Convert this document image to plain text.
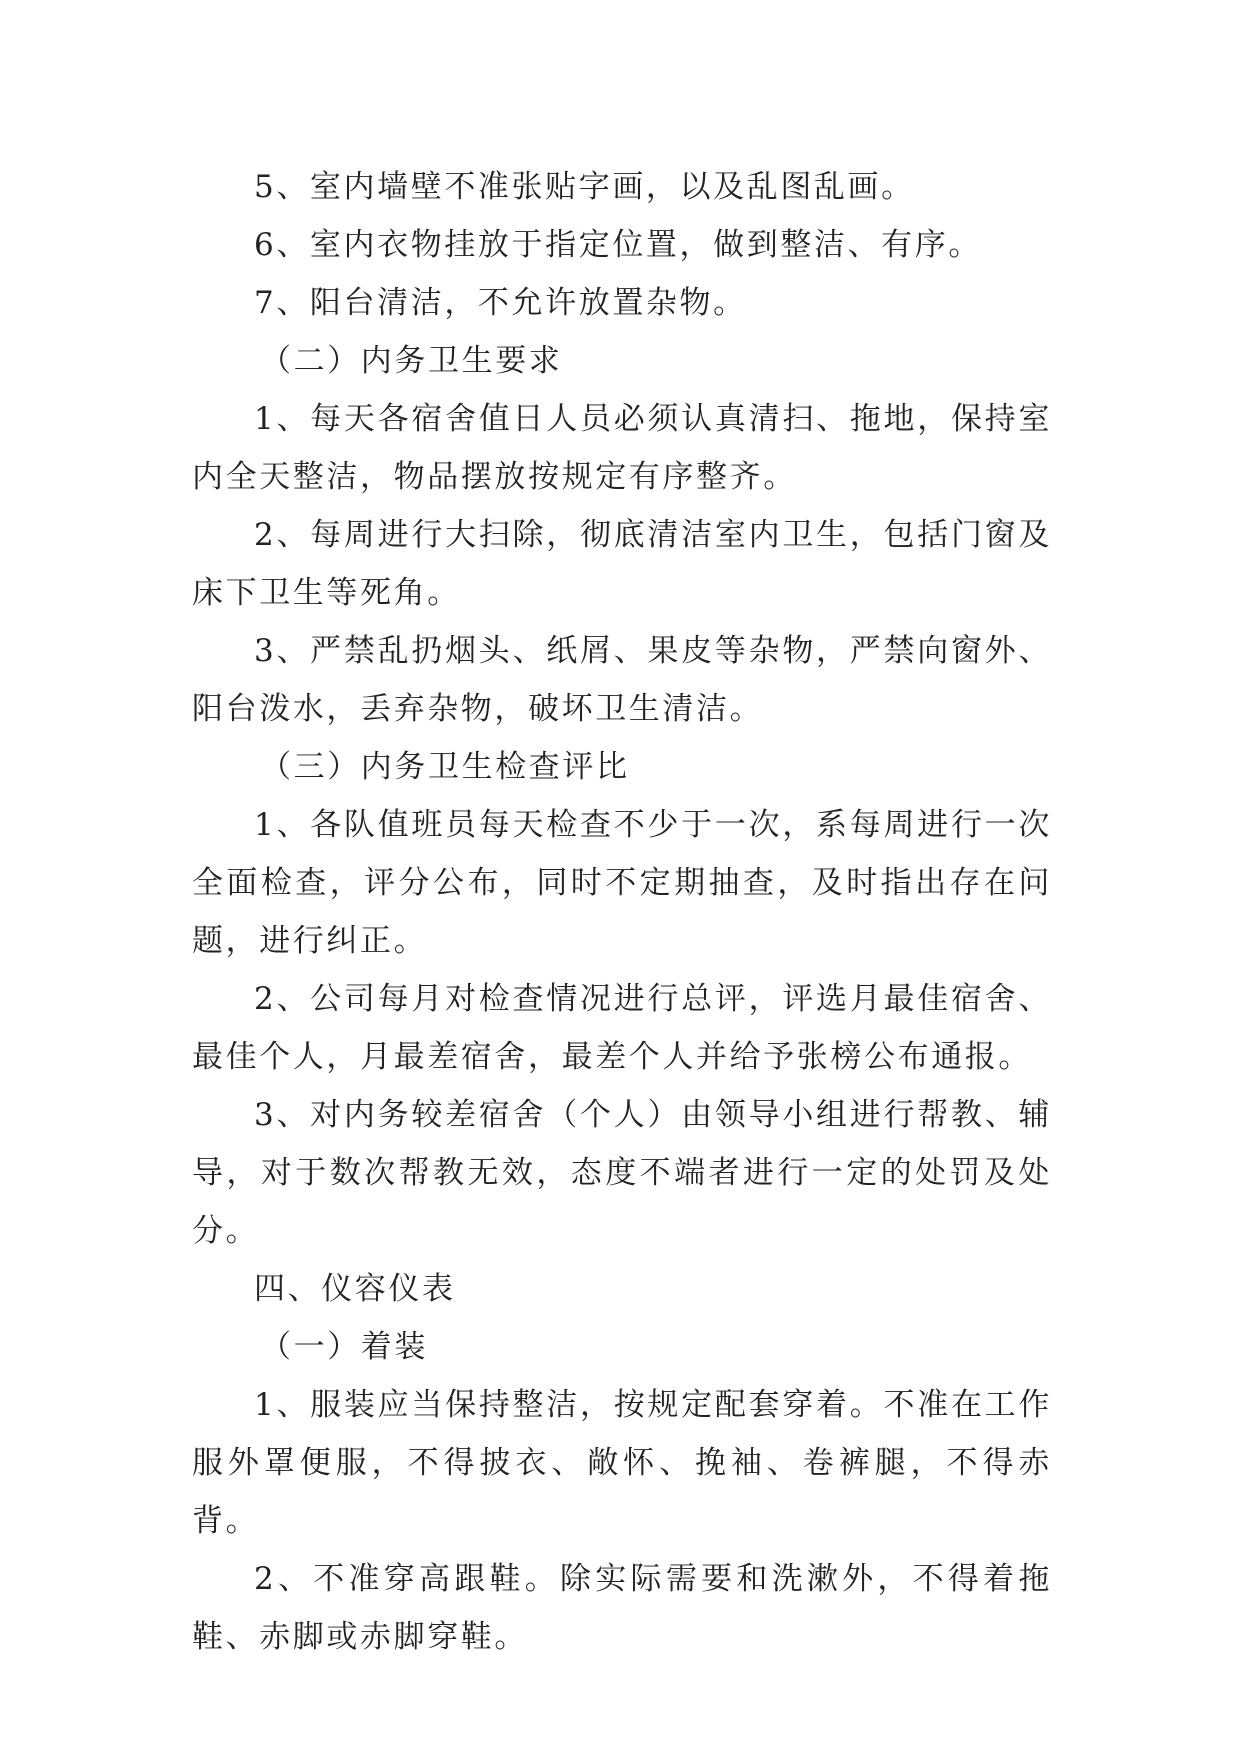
5、室内墙壁不准张贴字画，以及乱图乱画。

6、室内衣物挂放于指定位置，做到整洁、有序。

7、阳台清洁，不允许放置杂物。

（二）内务卫生要求

1、每天各宿舍值日人员必须认真清扫、拖地，保持室内全天整洁，物品摆放按规定有序整齐。

2、每周进行大扫除，彻底清洁室内卫生，包括门窗及床下卫生等死角。

3、严禁乱扔烟头、纸屑、果皮等杂物，严禁向窗外、阳台泼水，丢弃杂物，破坏卫生清洁。

（三）内务卫生检查评比

1、各队值班员每天检查不少于一次，系每周进行一次全面检查，评分公布，同时不定期抽查，及时指出存在问题，进行纠正。

2、公司每月对检查情况进行总评，评选月最佳宿舍、最佳个人，月最差宿舍，最差个人并给予张榜公布通报。

3、对内务较差宿舍（个人）由领导小组进行帮教、辅导，对于数次帮教无效，态度不端者进行一定的处罚及处分。

四、仪容仪表

（一）着装

1、服装应当保持整洁，按规定配套穿着。不准在工作服外罩便服，不得披衣、敞怀、挽袖、卷裤腿，不得赤背。

2、不准穿高跟鞋。除实际需要和洗漱外，不得着拖鞋、赤脚或赤脚穿鞋。
